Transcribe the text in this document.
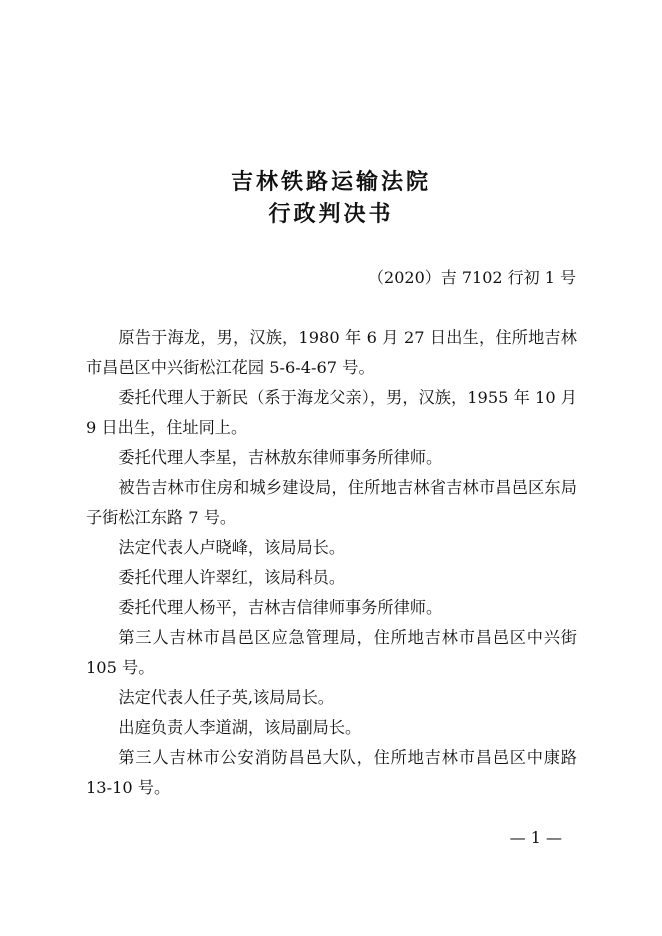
吉林铁路运输法院
行政判决书
（2020）吉 7102 行初 1 号

原告于海龙，男，汉族，1980 年 6 月 27 日出生，住所地吉林市昌邑区中兴街松江花园 5-6-4-67 号。

委托代理人于新民（系于海龙父亲），男，汉族，1955 年 10 月 9 日出生，住址同上。

委托代理人李星，吉林敖东律师事务所律师。

被告吉林市住房和城乡建设局，住所地吉林省吉林市昌邑区东局子街松江东路 7 号。

法定代表人卢晓峰，该局局长。

委托代理人许翠红，该局科员。

委托代理人杨平，吉林吉信律师事务所律师。

第三人吉林市昌邑区应急管理局，住所地吉林市昌邑区中兴街 105 号。

法定代表人任子英,该局局长。

出庭负责人李道湖，该局副局长。

第三人吉林市公安消防昌邑大队，住所地吉林市昌邑区中康路 13-10 号。

— 1 —
